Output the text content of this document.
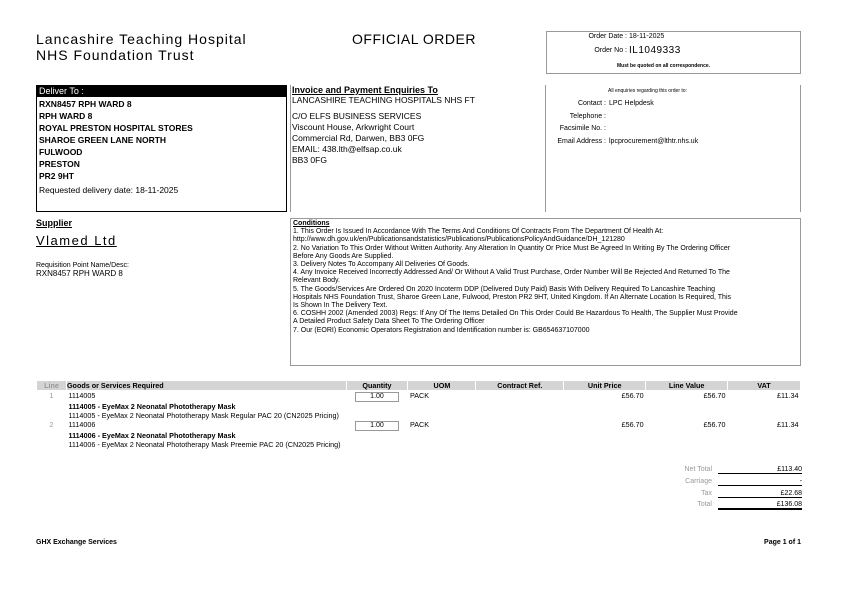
Lancashire Teaching Hospital
NHS Foundation Trust
OFFICIAL ORDER	Order Date : 18-11-2025
Order No : IL1049333
Must be quoted on all correspondence.
Deliver To :
RXN8457 RPH WARD 8
RPH WARD 8
ROYAL PRESTON HOSPITAL STORES
SHAROE GREEN LANE NORTH
FULWOOD
PRESTON
PR2 9HT
Requested delivery date: 18-11-2025
Invoice and Payment Enquiries To
LANCASHIRE TEACHING HOSPITALS NHS FT
C/O ELFS BUSINESS SERVICES
Viscount House, Arkwright Court
Commercial Rd, Darwen, BB3 0FG
EMAIL: 438.lth@elfsap.co.uk
BB3 0FG
All enquiries regarding this order to:
Contact : LPC Helpdesk
Telephone :
Facsimile No. :
Email Address : lpcprocurement@lthtr.nhs.uk
Supplier
Vlamed Ltd
Requisition Point Name/Desc:
RXN8457 RPH WARD 8
Conditions
1. This Order Is Issued In Accordance With The Terms And Conditions Of Contracts From The Department Of Health At:
http://www.dh.gov.uk/en/Publicationsandstatistics/Publications/PublicationsPolicyAndGuidance/DH_121280
2. No Variation To This Order Without Written Authority. Any Alteration In Quantity Or Price Must Be Agreed In Writing By The Ordering Officer
Before Any Goods Are Supplied.
3. Delivery Notes To Accompany All Deliveries Of Goods.
4. Any Invoice Received Incorrectly Addressed And/ Or Without A Valid Trust Purchase, Order Number Will Be Rejected And Returned To The
Relevant Body.
5. The Goods/Services Are Ordered On 2020 Incoterm DDP (Delivered Duty Paid) Basis With Delivery Required To Lancashire Teaching
Hospitals NHS Foundation Trust, Sharoe Green Lane, Fulwood, Preston PR2 9HT, United Kingdom. If An Alternate Location Is Required, This
Is Shown In The Delivery Text.
6. COSHH 2002 (Amended 2003) Regs: If Any Of The Items Detailed On This Order Could Be Hazardous To Health, The Supplier Must Provide
A Detailed Product Safety Data Sheet To The Ordering Officer
7. Our (EORI) Economic Operators Registration and Identification number is: GB654637107000
Line	Goods or Services Required	Quantity	UOM	Contract Ref.	Unit Price	Line Value	VAT
1	1114005	1.00	PACK		£56.70	£56.70	£11.34
	1114005 - EyeMax 2 Neonatal Phototherapy Mask						
	1114005 - EyeMax 2 Neonatal Phototherapy Mask Regular PAC 20 (CN2025 Pricing)						
2	1114006	1.00	PACK		£56.70	£56.70	£11.34
	1114006 - EyeMax 2 Neonatal Phototherapy Mask						
	1114006 - EyeMax 2 Neonatal Phototherapy Mask Preemie PAC 20 (CN2025 Pricing)						
Net Total	£113.40
Carriage	-
Tax	£22.68
Total	£136.08
GHX Exchange Services	Page 1 of 1
